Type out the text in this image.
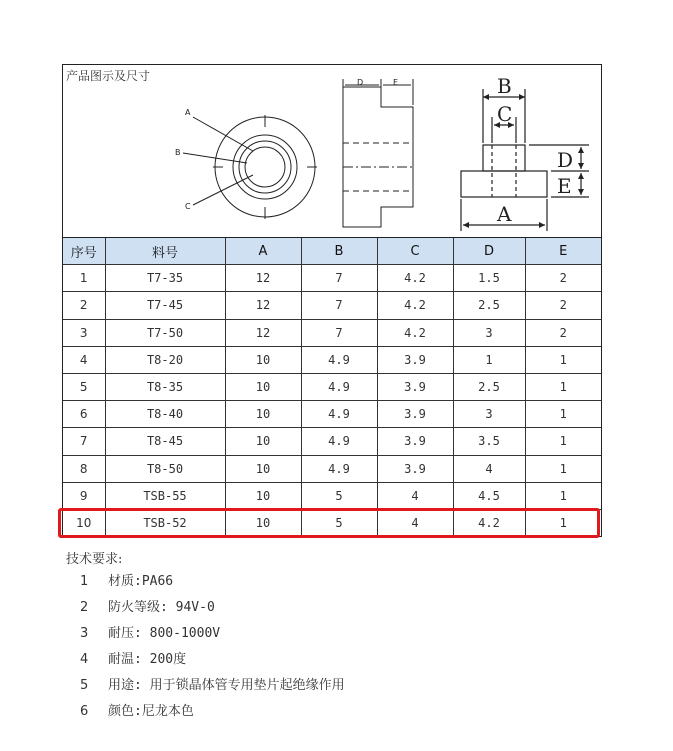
产品图示及尺寸
A
B
C
D	E	B
C
A
D
E
序号	料号	A	B	C	D	E
1	T7-35	12	7	4.2	1.5	2
2	T7-45	12	7	4.2	2.5	2
3	T7-50	12	7	4.2	3	2
4	T8-20	10	4.9	3.9	1	1
5	T8-35	10	4.9	3.9	2.5	1
6	T8-40	10	4.9	3.9	3	1
7	T8-45	10	4.9	3.9	3.5	1
8	T8-50	10	4.9	3.9	4	1
9	TSB-55	10	5	4	4.5	1
10	TSB-52	10	5	4	4.2	1
技术要求:
1 材质:PA66
2 防火等级: 94V-0
3 耐压: 800-1000V
4 耐温: 200度
5 用途: 用于锁晶体管专用垫片起绝缘作用
6 颜色:尼龙本色
